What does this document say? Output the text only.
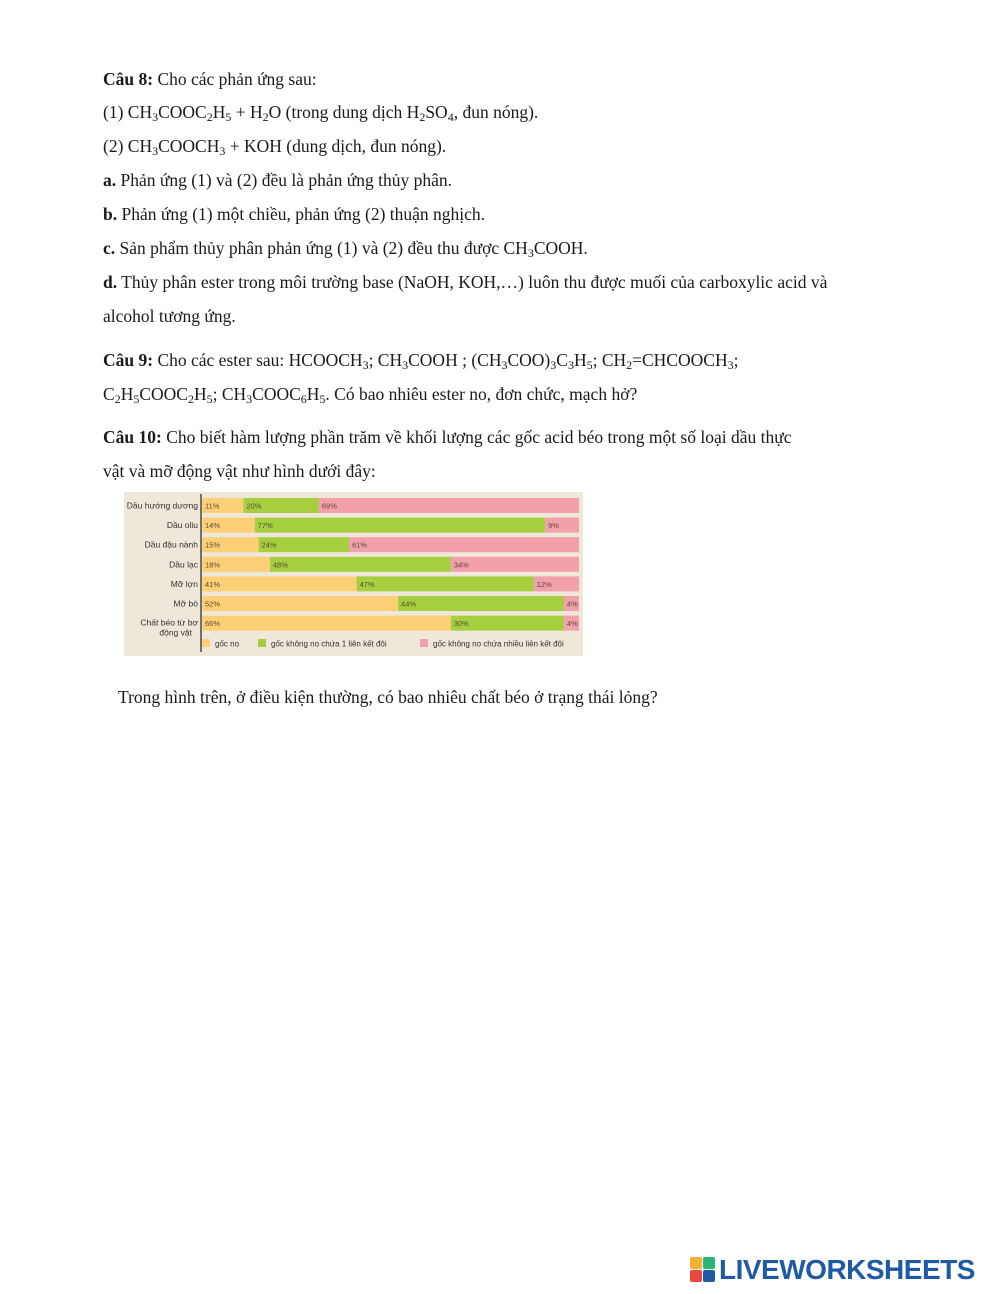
Câu 8: Cho các phản ứng sau:
(1) $CH_3COOC_2H_5 + H_2O$ (trong dung dịch $H_2SO_4$, đun nóng).
(2) $CH_3COOCH_3$ + KOH (dung dịch, đun nóng).
a. Phản ứng (1) và (2) đều là phản ứng thủy phân.
b. Phản ứng (1) một chiều, phản ứng (2) thuận nghịch.
c. Sản phẩm thủy phân phản ứng (1) và (2) đều thu được $CH_3COOH$.
d. Thủy phân ester trong môi trường base (NaOH, KOH,…) luôn thu được muối của carboxylic acid và
alcohol tương ứng.
Câu 9: Cho các ester sau: $HCOOCH_3$; $CH_3COOH$ ; $(CH_3COO)_3C_3H_5$; $CH_2=CHCOOCH_3$;
$C_2H_5COOC_2H_5$; $CH_3COOC_6H_5$. Có bao nhiêu ester no, đơn chức, mạch hở?
Câu 10: Cho biết hàm lượng phần trăm về khối lượng các gốc acid béo trong một số loại dầu thực
vật và mỡ động vật như hình dưới đây:
11%	20%	69%
Dầu hướng dương
14%	77%	9%
Dầu oliu
15%	24%	61%
Dầu đậu nành
18%	48%	34%
Dầu lạc
41%	47%	12%
Mỡ lợn
52%	44%	4%
Mỡ bò
66%	30%	4%
Chất béo từ bơ
động vật
gốc no	gốc không no chứa 1 liên kết đôi	gốc không no chứa nhiều liên kết đôi
Trong hình trên, ở điều kiện thường, có bao nhiêu chất béo ở trạng thái lỏng?
LIVEWORKSHEETS
